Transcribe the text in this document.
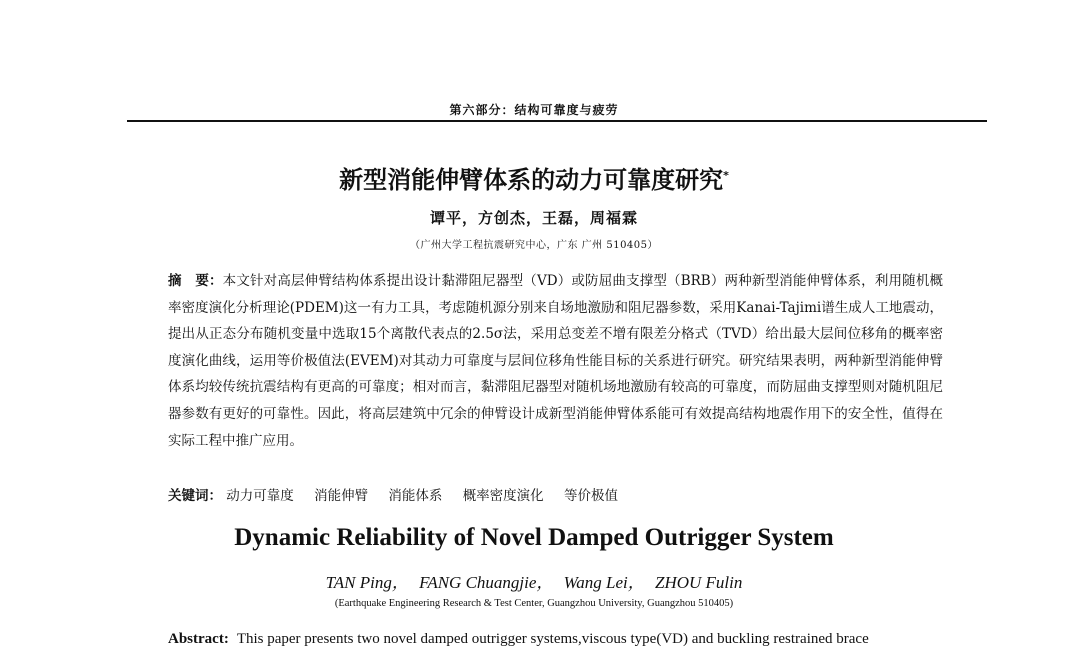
第六部分：结构可靠度与疲劳
新型消能伸臂体系的动力可靠度研究*
谭平，方创杰，王磊，周福霖
（广州大学工程抗震研究中心，广东 广州 510405）
摘　要：本文针对高层伸臂结构体系提出设计黏滞阻尼器型（VD）或防屈曲支撑型（BRB）两种新型消能伸臂体系，利用随机概率密度演化分析理论(PDEM)这一有力工具，考虑随机源分别来自场地激励和阻尼器参数，采用Kanai-Tajimi谱生成人工地震动，提出从正态分布随机变量中选取15个离散代表点的2.5σ法，采用总变差不增有限差分格式（TVD）给出最大层间位移角的概率密度演化曲线，运用等价极值法(EVEM)对其动力可靠度与层间位移角性能目标的关系进行研究。研究结果表明，两种新型消能伸臂体系均较传统抗震结构有更高的可靠度；相对而言，黏滞阻尼器型对随机场地激励有较高的可靠度，而防屈曲支撑型则对随机阻尼器参数有更好的可靠性。因此，将高层建筑中冗余的伸臂设计成新型消能伸臂体系能可有效提高结构地震作用下的安全性，值得在实际工程中推广应用。
关键词： 动力可靠度 消能伸臂 消能体系 概率密度演化 等价极值
Dynamic Reliability of Novel Damped Outrigger System
TAN Ping， FANG Chuangjie， Wang Lei， ZHOU Fulin
(Earthquake Engineering Research & Test Center, Guangzhou University, Guangzhou 510405)
Abstract: This paper presents two novel damped outrigger systems,viscous type(VD) and buckling restrained brace
